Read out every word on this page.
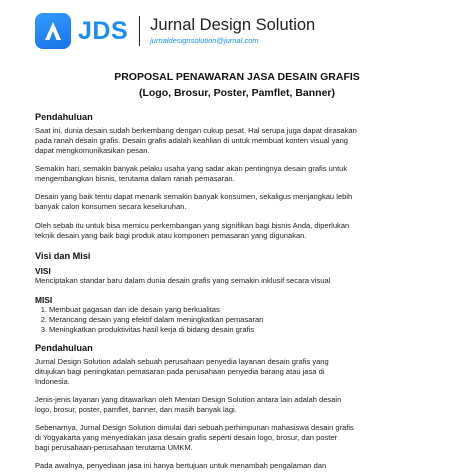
JDS Jurnal Design Solution
jurnaldesignsolution@jurnal.com
PROPOSAL PENAWARAN JASA DESAIN GRAFIS
(Logo, Brosur, Poster, Pamflet, Banner)
Pendahuluan
Saat ini, dunia desain sudah berkembang dengan cukup pesat. Hal serupa juga dapat dirasakan
pada ranah desain grafis. Desain grafis adalah keahlian di untuk membuat konten visual yang
dapat mengkomunikasikan pesan.
Semakin hari, semakin banyak pelaku usaha yang sadar akan pentingnya desain grafis untuk
mengembangkan bisnis, terutama dalam ranah pemasaran.
Desain yang baik tentu dapat menarik semakin banyak konsumen, sekaligus menjangkau lebih
banyak calon konsumen secara keseluruhan.
Oleh sebab itu untuk bisa memicu perkembangan yang signifikan bagi bisnis Anda, diperlukan
teknik desain yang baik bagi produk atau komponen pemasaran yang digunakan.
Visi dan Misi
VISI
Menciptakan standar baru dalam dunia desain grafis yang semakin inklusif secara visual
MISI
1. Membuat gagasan dan ide desain yang berkualitas
2. Merancang desain yang efektif dalam meningkatkan pemasaran
3. Meningkatkan produktivitas hasil kerja di bidang desain grafis
Pendahuluan
Jurnal Design Solution adalah sebuah perusahaan penyedia layanan desain grafis yang
ditujukan bagi peningkatan pemasaran pada perusahaan penyedia barang atau jasa di
Indonesia.
Jenis-jenis layanan yang ditawarkan oleh Mentari Design Solution antara lain adalah desain
logo, brosur, poster, pamflet, banner, dan masih banyak lagi.
Sebenarnya, Jurnal Design Solution dimulai dari sebuah perhimpunan mahasiswa desain grafis
di Yogyakarta yang menyediakan jasa desain grafis seperti desain logo, brosur, dan poster
bagi perusahaan-perusahaan terutama UMKM.
Pada awalnya, penyediaan jasa ini hanya bertujuan untuk menambah pengalaman dan
